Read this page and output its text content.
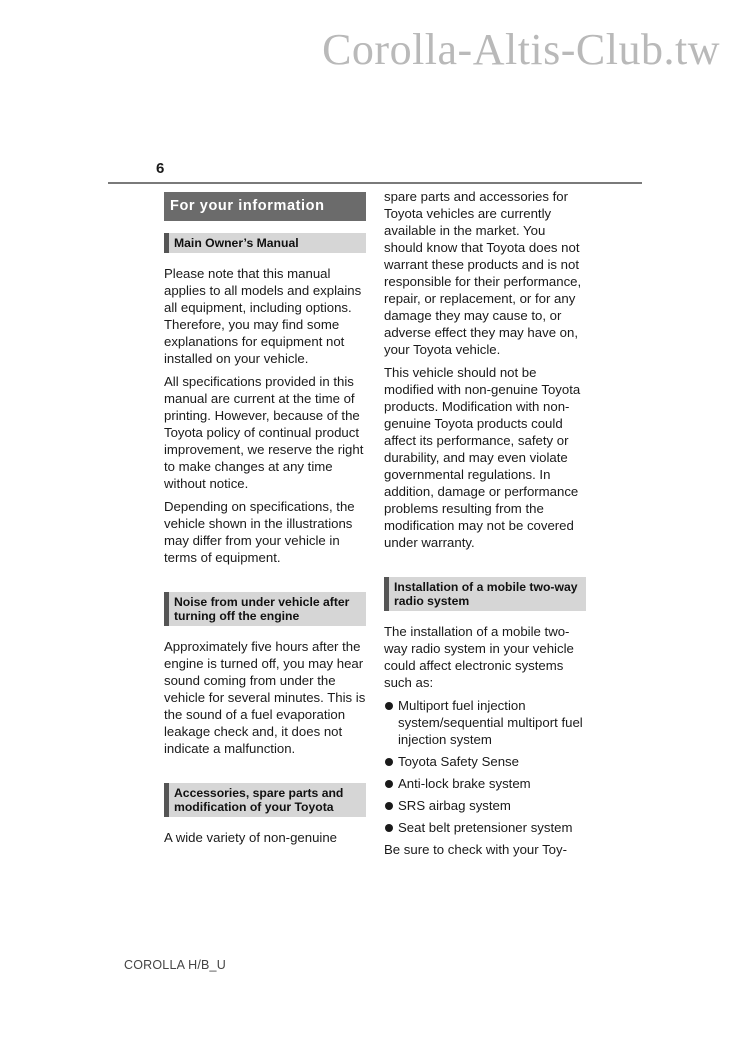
Corolla-Altis-Club.tw
6
For your information
Main Owner’s Manual

Please note that this manual applies to all models and explains all equipment, including options. Therefore, you may find some explanations for equipment not installed on your vehicle.

All specifications provided in this manual are current at the time of printing. However, because of the Toyota policy of continual product improvement, we reserve the right to make changes at any time without notice.

Depending on specifications, the vehicle shown in the illustrations may differ from your vehicle in terms of equipment.

Noise from under vehicle after turning off the engine

Approximately five hours after the engine is turned off, you may hear sound coming from under the vehicle for several minutes. This is the sound of a fuel evaporation leakage check and, it does not indicate a malfunction.

Accessories, spare parts and modification of your Toyota

A wide variety of non-genuine

spare parts and accessories for Toyota vehicles are currently available in the market. You should know that Toyota does not warrant these products and is not responsible for their performance, repair, or replacement, or for any damage they may cause to, or adverse effect they may have on, your Toyota vehicle.

This vehicle should not be modified with non-genuine Toyota products. Modification with non-genuine Toyota products could affect its performance, safety or durability, and may even violate governmental regulations. In addition, damage or performance problems resulting from the modification may not be covered under warranty.

Installation of a mobile two-way radio system

The installation of a mobile two-way radio system in your vehicle could affect electronic systems such as:

Multiport fuel injection system/sequential multiport fuel injection system
Toyota Safety Sense
Anti-lock brake system
SRS airbag system
Seat belt pretensioner system

Be sure to check with your Toy-

COROLLA H/B_U
